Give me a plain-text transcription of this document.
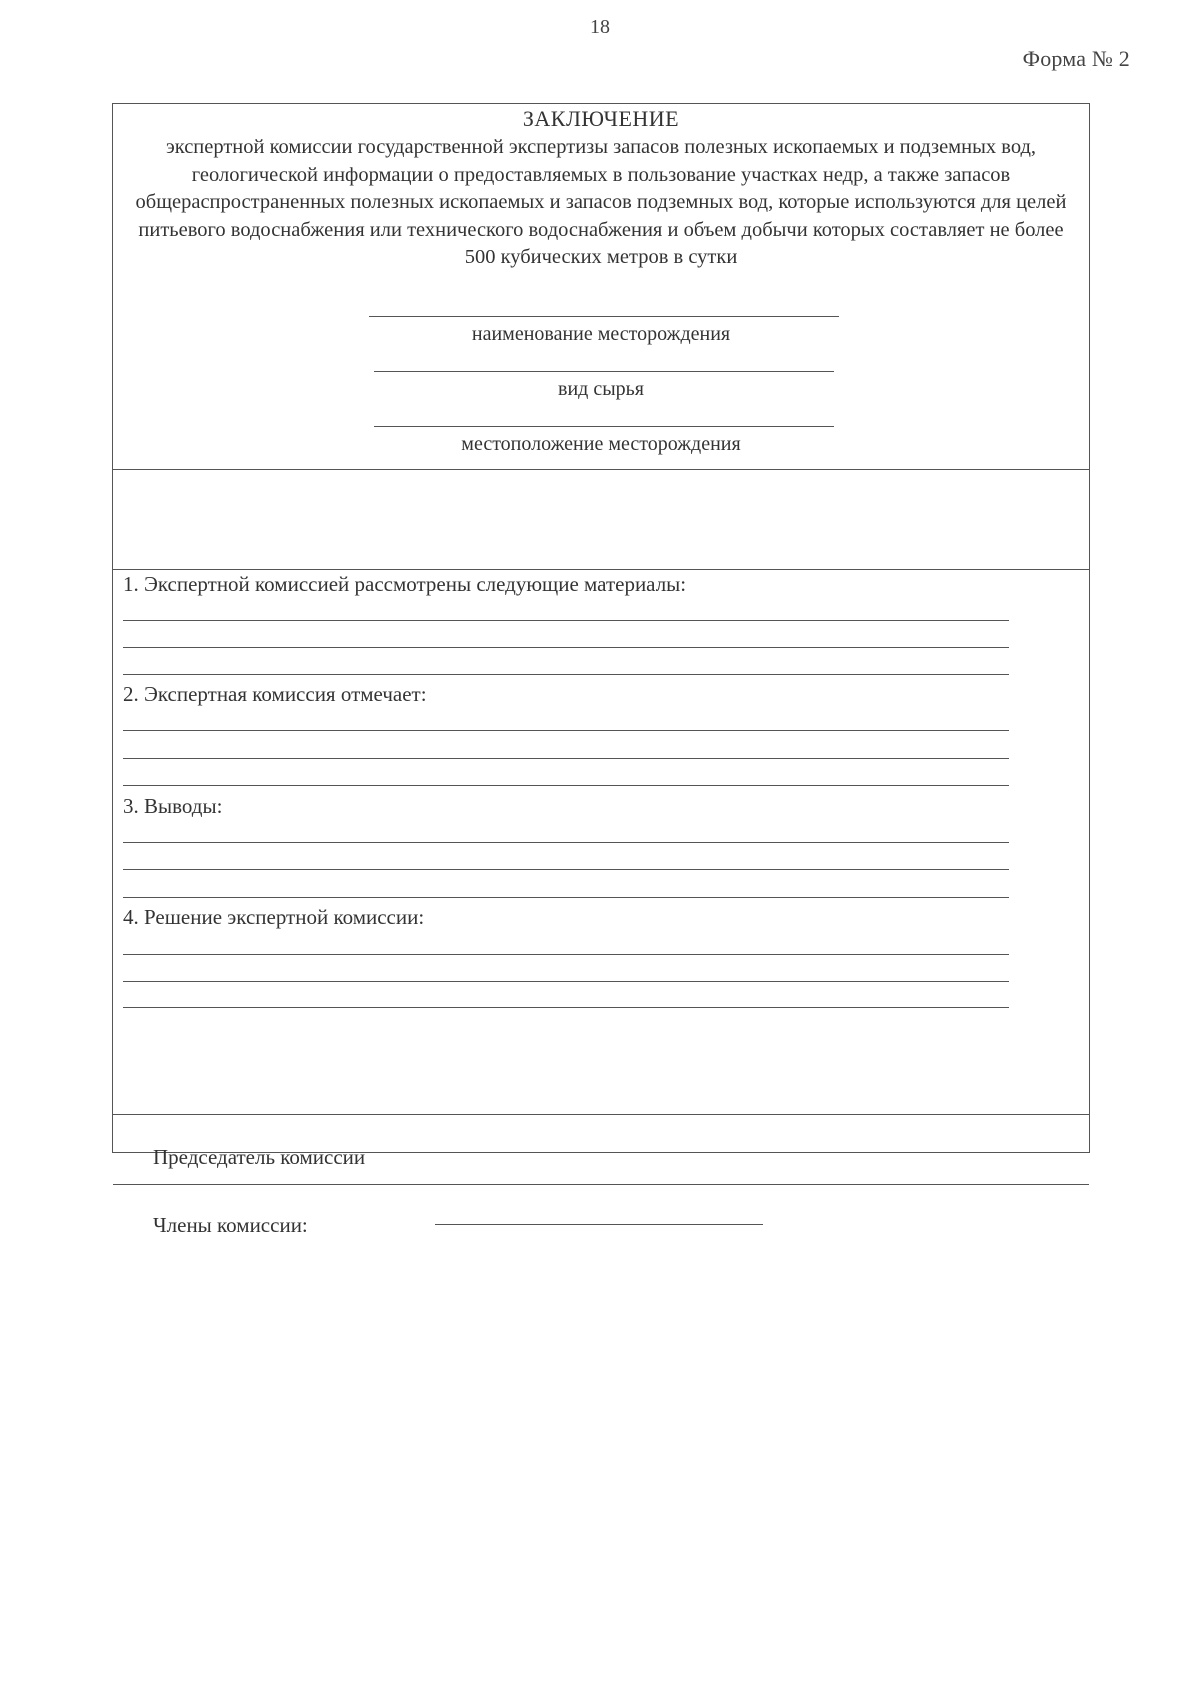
18
Форма № 2
ЗАКЛЮЧЕНИЕ
экспертной комиссии государственной экспертизы запасов полезных ископаемых и подземных вод, геологической информации о предоставляемых в пользование участках недр, а также запасов общераспространенных полезных ископаемых и запасов подземных вод, которые используются для целей питьевого водоснабжения или технического водоснабжения и объем добычи которых составляет не более 500 кубических метров в сутки
наименование месторождения
вид сырья
местоположение месторождения
1. Экспертной комиссией рассмотрены следующие материалы:
2. Экспертная комиссия отмечает:
3. Выводы:
4. Решение экспертной комиссии:
Председатель комиссии
Члены комиссии:
